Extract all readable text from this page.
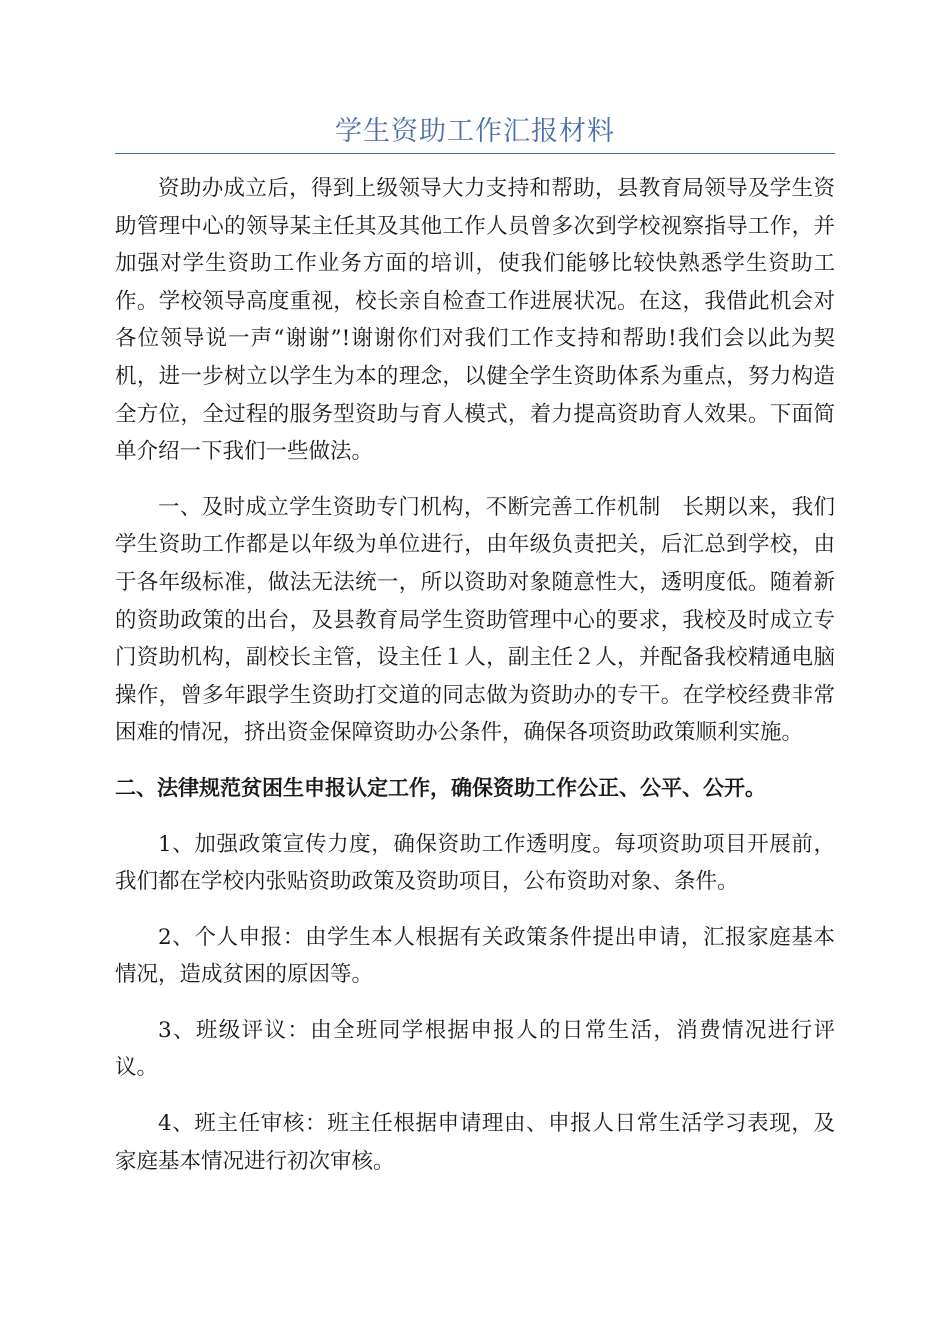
学生资助工作汇报材料

资助办成立后，得到上级领导大力支持和帮助，县教育局领导及学生资助管理中心的领导某主任其及其他工作人员曾多次到学校视察指导工作，并加强对学生资助工作业务方面的培训，使我们能够比较快熟悉学生资助工作。学校领导高度重视，校长亲自检查工作进展状况。在这，我借此机会对各位领导说一声“谢谢”!谢谢你们对我们工作支持和帮助!我们会以此为契机，进一步树立以学生为本的理念，以健全学生资助体系为重点，努力构造全方位，全过程的服务型资助与育人模式，着力提高资助育人效果。下面简单介绍一下我们一些做法。

一、及时成立学生资助专门机构，不断完善工作机制　长期以来，我们学生资助工作都是以年级为单位进行，由年级负责把关，后汇总到学校，由于各年级标准，做法无法统一，所以资助对象随意性大，透明度低。随着新的资助政策的出台，及县教育局学生资助管理中心的要求，我校及时成立专门资助机构，副校长主管，设主任１人，副主任２人，并配备我校精通电脑操作，曾多年跟学生资助打交道的同志做为资助办的专干。在学校经费非常困难的情况，挤出资金保障资助办公条件，确保各项资助政策顺利实施。

二、法律规范贫困生申报认定工作，确保资助工作公正、公平、公开。

1、加强政策宣传力度，确保资助工作透明度。每项资助项目开展前，我们都在学校内张贴资助政策及资助项目，公布资助对象、条件。

2、个人申报：由学生本人根据有关政策条件提出申请，汇报家庭基本情况，造成贫困的原因等。

3、班级评议：由全班同学根据申报人的日常生活，消费情况进行评议。

4、班主任审核：班主任根据申请理由、申报人日常生活学习表现，及家庭基本情况进行初次审核。
